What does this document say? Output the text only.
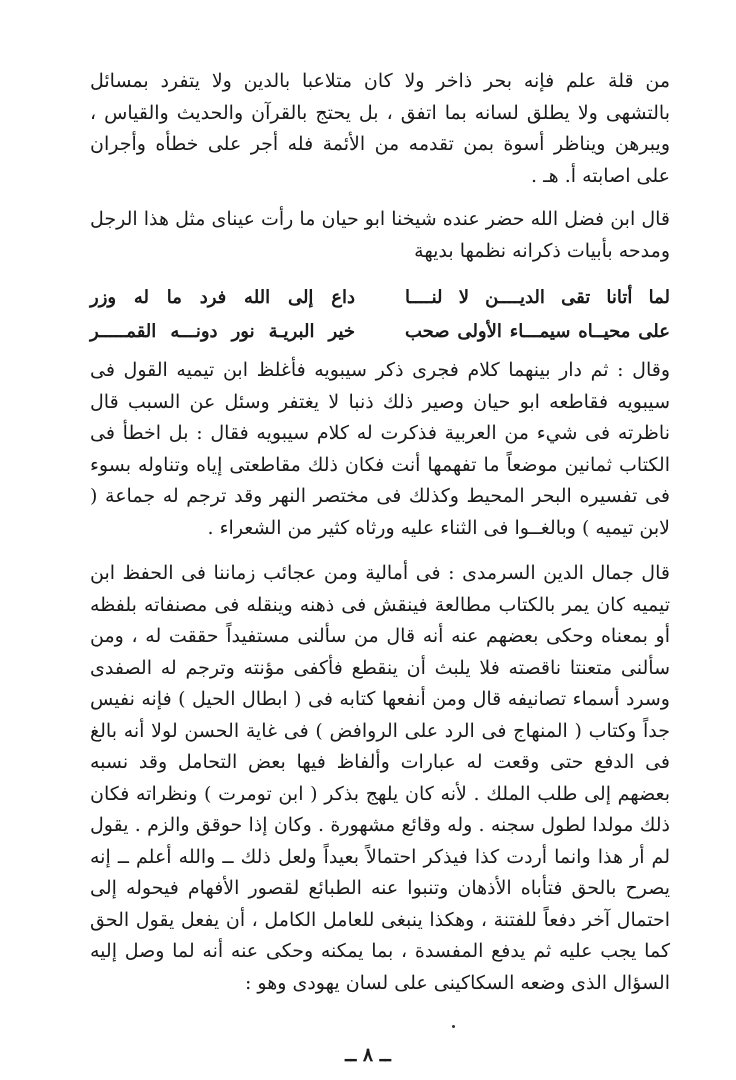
من قلة علم فإنه بحر ذاخر ولا كان متلاعبا بالدين ولا يتفرد بمسائل بالتشهى ولا يطلق لسانه بما اتفق ، بل يحتج بالقرآن والحديث والقياس ، ويبرهن ويناظر أسوة بمن تقدمه من الأئمة فله أجر على خطأه وأجران على اصابته أ. هـ .

قال ابن فضل الله حضر عنده شيخنا ابو حيان ما رأت عيناى مثل هذا الرجل ومدحه بأبيات ذكرانه نظمها بديهة

لما أتانا تقى الديــــن لا لنــــا
داع إلى الله فرد ما له وزر
على محيــاه سيمـــاء الأولى صحب
خير البريـة نور دونـــه القمـــــر

وقال : ثم دار بينهما كلام فجرى ذكر سيبويه فأغلظ ابن تيميه القول فى سيبويه فقاطعه ابو حيان وصير ذلك ذنبا لا يغتفر وسئل عن السبب قال ناظرته فى شيء من العربية فذكرت له كلام سيبويه فقال : بل اخطأ فى الكتاب ثمانين موضعاً ما تفهمها أنت فكان ذلك مقاطعتى إياه وتناوله بسوء فى تفسيره البحر المحيط وكذلك فى مختصر النهر وقد ترجم له جماعة ( لابن تيميه ) وبالغــوا فى الثناء عليه ورثاه كثير من الشعراء .

قال جمال الدين السرمدى : فى أمالية ومن عجائب زماننا فى الحفظ ابن تيميه كان يمر بالكتاب مطالعة فينقش فى ذهنه وينقله فى مصنفاته بلفظه أو بمعناه وحكى بعضهم عنه أنه قال من سألنى مستفيداً حققت له ، ومن سألنى متعنتا ناقصته فلا يلبث أن ينقطع فأكفى مؤنته وترجم له الصفدى وسرد أسماء تصانيفه قال ومن أنفعها كتابه فى ( ابطال الحيل ) فإنه نفيس جداً وكتاب ( المنهاج فى الرد على الروافض ) فى غاية الحسن لولا أنه بالغ فى الدفع حتى وقعت له عبارات وألفاظ فيها بعض التحامل وقد نسبه بعضهم إلى طلب الملك . لأنه كان يلهج بذكر ( ابن تومرت ) ونظراته فكان ذلك مولدا لطول سجنه . وله وقائع مشهورة . وكان إذا حوقق والزم . يقول لم أر هذا وانما أردت كذا فيذكر احتمالاً بعيداً ولعل ذلك ــ والله أعلم ــ إنه يصرح بالحق فتأباه الأذهان وتنبوا عنه الطبائع لقصور الأفهام فيحوله إلى احتمال آخر دفعاً للفتنة ، وهكذا ينبغى للعامل الكامل ، أن يفعل يقول الحق كما يجب عليه ثم يدفع المفسدة ، بما يمكنه وحكى عنه أنه لما وصل إليه السؤال الذى وضعه السكاكينى على لسان يهودى وهو :

ــ ٨ ــ
